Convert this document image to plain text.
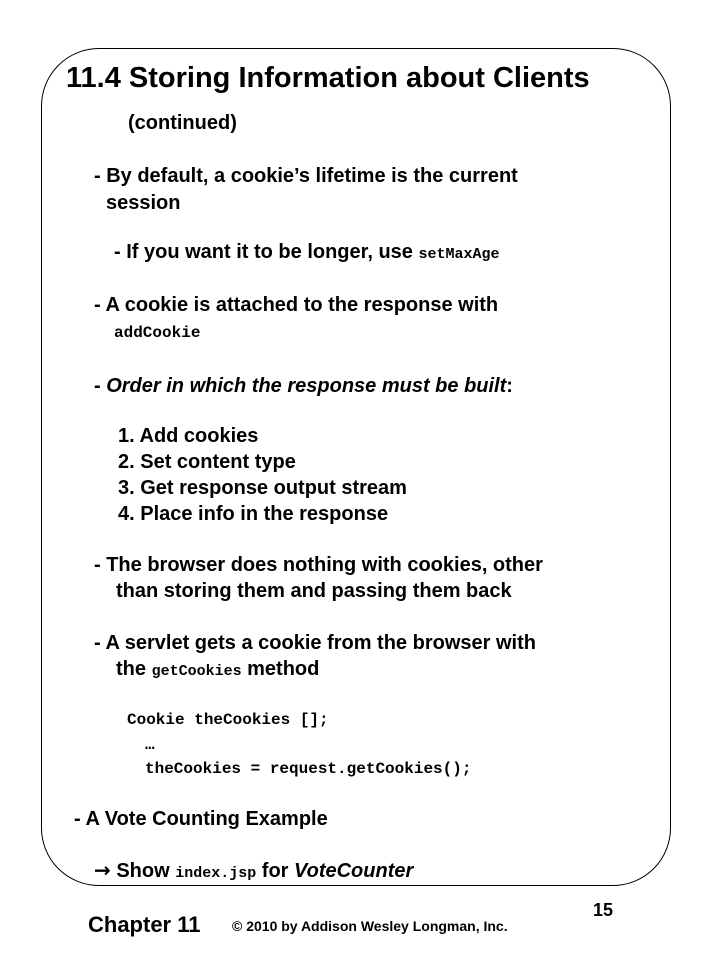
11.4 Storing Information about Clients
(continued)
- By default, a cookie’s lifetime is the current
session
- If you want it to be longer, use setMaxAge
- A cookie is attached to the response with
addCookie
- Order in which the response must be built:
1. Add cookies
2. Set content type
3. Get response output stream
4. Place info in the response
- The browser does nothing with cookies, other
than storing them and passing them back
- A servlet gets a cookie from the browser with
the getCookies method
Cookie theCookies [];
…
theCookies = request.getCookies();
- A Vote Counting Example
→ Show index.jsp for VoteCounter
Chapter 11 © 2010 by Addison Wesley Longman, Inc.
15
